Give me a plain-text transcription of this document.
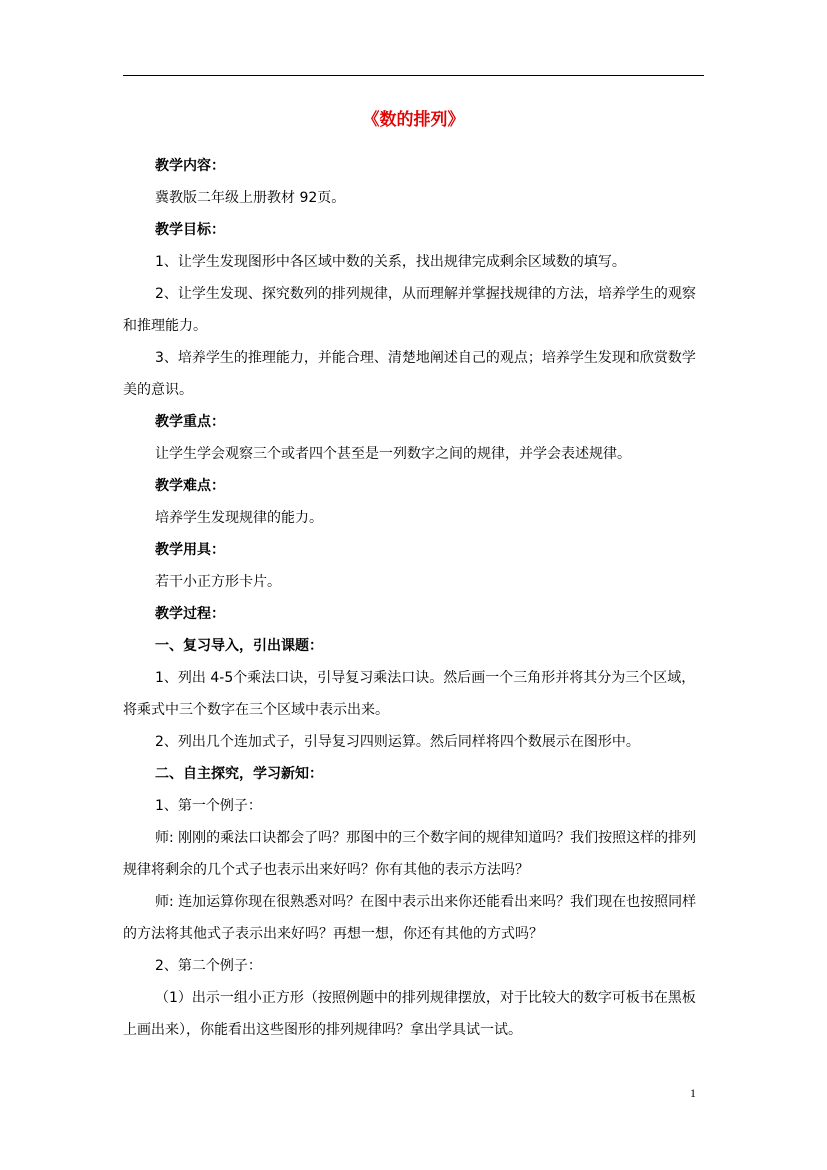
《数的排列》

教学内容：

冀教版二年级上册教材 92页。

教学目标：

1、让学生发现图形中各区域中数的关系，找出规律完成剩余区域数的填写。

2、让学生发现、探究数列的排列规律，从而理解并掌握找规律的方法，培养学生的观察和推理能力。

3、培养学生的推理能力，并能合理、清楚地阐述自己的观点；培养学生发现和欣赏数学美的意识。

教学重点：

让学生学会观察三个或者四个甚至是一列数字之间的规律，并学会表述规律。

教学难点：

培养学生发现规律的能力。

教学用具：

若干小正方形卡片。

教学过程：

一、复习导入，引出课题：

1、列出 4-5个乘法口诀，引导复习乘法口诀。然后画一个三角形并将其分为三个区域，将乘式中三个数字在三个区域中表示出来。

2、列出几个连加式子，引导复习四则运算。然后同样将四个数展示在图形中。

二、自主探究，学习新知：

1、第一个例子：

师: 刚刚的乘法口诀都会了吗？那图中的三个数字间的规律知道吗？我们按照这样的排列规律将剩余的几个式子也表示出来好吗？你有其他的表示方法吗？

师: 连加运算你现在很熟悉对吗？在图中表示出来你还能看出来吗？我们现在也按照同样的方法将其他式子表示出来好吗？再想一想，你还有其他的方式吗？

2、第二个例子：

（1）出示一组小正方形（按照例题中的排列规律摆放，对于比较大的数字可板书在黑板上画出来），你能看出这些图形的排列规律吗？拿出学具试一试。

1
